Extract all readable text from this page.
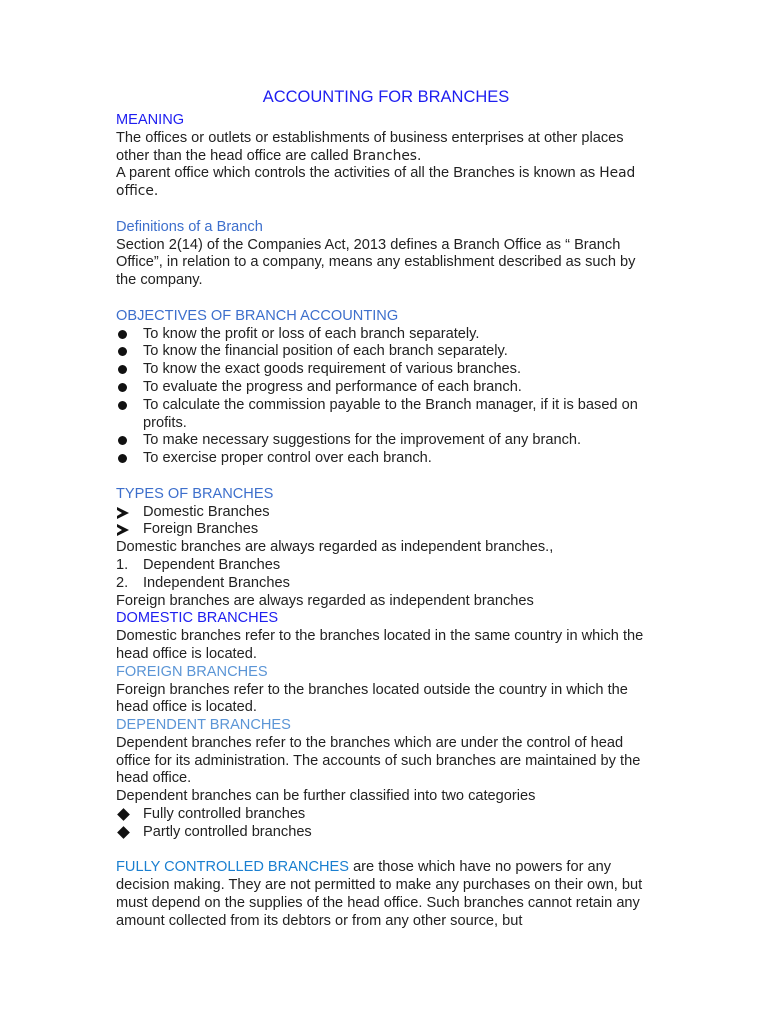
ACCOUNTING FOR BRANCHES

MEANING

The offices or outlets or establishments of business enterprises at other places other than the head office are called Branches.

A parent office which controls the activities of all the Branches is known as Head office.

Definitions of a Branch

Section 2(14) of the Companies Act, 2013 defines a Branch Office as “ Branch Office”, in relation to a company, means any establishment described as such by the company.

OBJECTIVES OF BRANCH ACCOUNTING

To know the profit or loss of each branch separately.
To know the financial position of each branch separately.
To know the exact goods requirement of various branches.
To evaluate the progress and performance of each branch.
To calculate the commission payable to the Branch manager, if it is based on profits.
To make necessary suggestions for the improvement of any branch.
To exercise proper control over each branch.

TYPES OF BRANCHES

Domestic Branches
Foreign Branches

Domestic branches are always regarded as independent branches.,

1. Dependent Branches
2. Independent Branches

Foreign branches are always regarded as independent branches

DOMESTIC BRANCHES

Domestic branches refer to the branches located in the same country in which the head office is located.

FOREIGN BRANCHES

Foreign branches refer to the branches located outside the country in which the head office is located.

DEPENDENT BRANCHES

Dependent branches refer to the branches which are under the control of head office for its administration. The accounts of such branches are maintained by the head office.

Dependent branches can be further classified into two categories

Fully controlled branches
Partly controlled branches

FULLY CONTROLLED BRANCHES are those which have no powers for any decision making. They are not permitted to make any purchases on their own, but must depend on the supplies of the head office. Such branches cannot retain any amount collected from its debtors or from any other source, but
